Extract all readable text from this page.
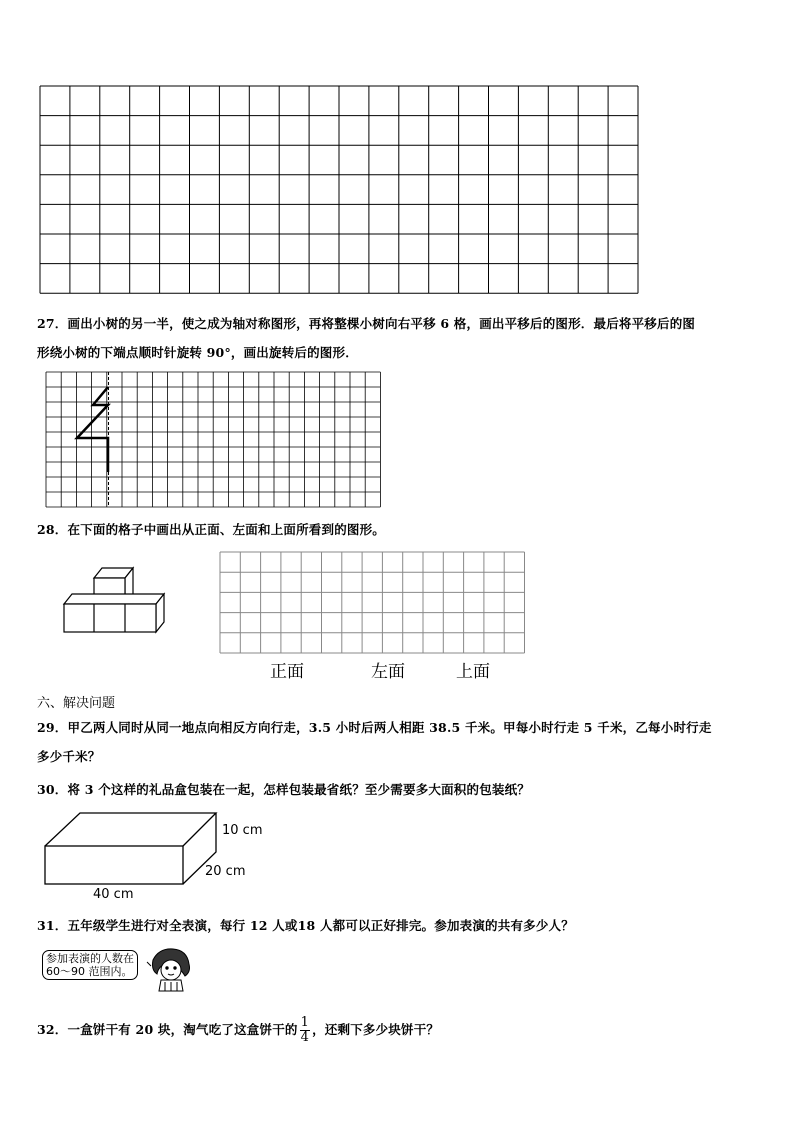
27．画出小树的另一半，使之成为轴对称图形，再将整棵小树向右平移 6 格，画出平移后的图形．最后将平移后的图
形绕小树的下端点顺时针旋转 90°，画出旋转后的图形．
28．在下面的格子中画出从正面、左面和上面所看到的图形。
正面	左面	上面
六、解决问题
29．甲乙两人同时从同一地点向相反方向行走，3.5 小时后两人相距 38.5 千米。甲每小时行走 5 千米，乙每小时行走
多少千米？
30．将 3 个这样的礼品盒包装在一起，怎样包装最省纸？至少需要多大面积的包装纸？
10 cm
20 cm
40 cm
31．五年级学生进行对全表演，每行 12 人或18 人都可以正好排完。参加表演的共有多少人？
参加表演的人数在
60～90 范围内。
32．一盒饼干有 20 块，淘气吃了这盒饼干的 $\frac{1}{4}$ ，还剩下多少块饼干？
